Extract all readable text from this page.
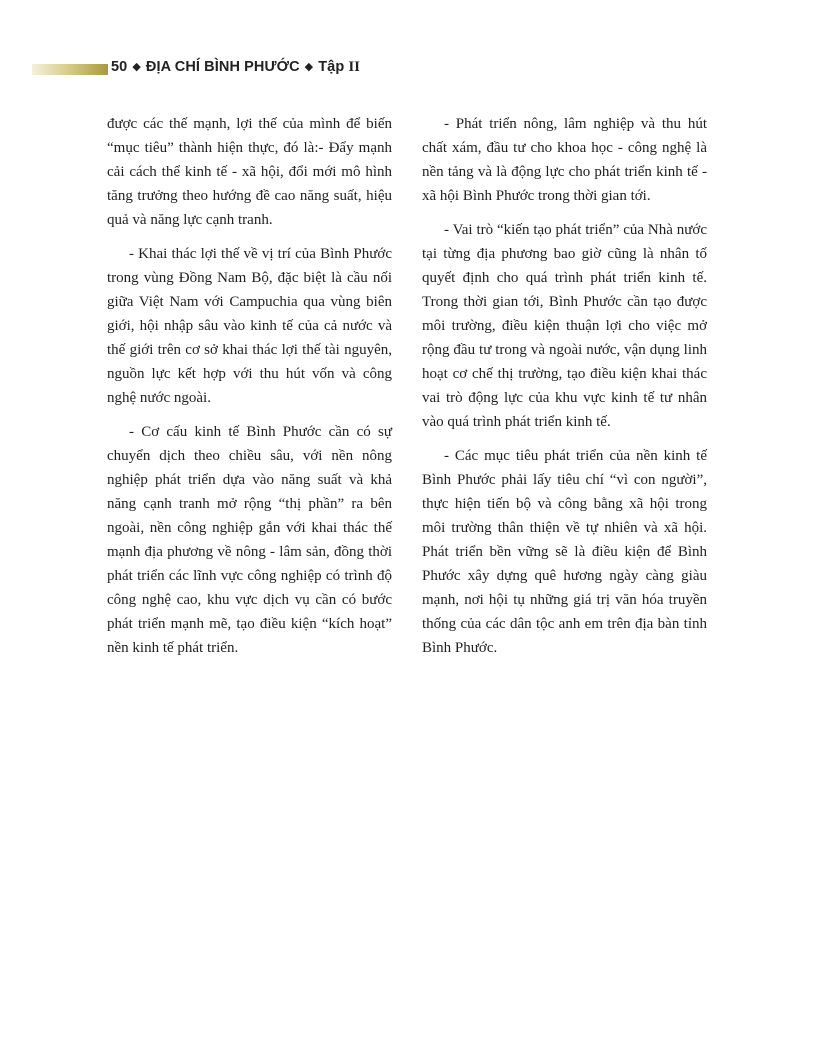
50 ◆ ĐỊA CHÍ BÌNH PHƯỚC ◆ Tập II

được các thế mạnh, lợi thế của mình để biến “mục tiêu” thành hiện thực, đó là:- Đẩy mạnh cải cách thể kinh tế - xã hội, đổi mới mô hình tăng trưởng theo hướng đề cao năng suất, hiệu quả và năng lực cạnh tranh.

- Khai thác lợi thế về vị trí của Bình Phước trong vùng Đồng Nam Bộ, đặc biệt là cầu nối giữa Việt Nam với Campuchia qua vùng biên giới, hội nhập sâu vào kinh tế của cả nước và thế giới trên cơ sở khai thác lợi thế tài nguyên, nguồn lực kết hợp với thu hút vốn và công nghệ nước ngoài.

- Cơ cấu kinh tế Bình Phước cần có sự chuyển dịch theo chiều sâu, với nền nông nghiệp phát triển dựa vào năng suất và khả năng cạnh tranh mở rộng “thị phần” ra bên ngoài, nền công nghiệp gắn với khai thác thế mạnh địa phương về nông - lâm sản, đồng thời phát triển các lĩnh vực công nghiệp có trình độ công nghệ cao, khu vực dịch vụ cần có bước phát triển mạnh mẽ, tạo điều kiện “kích hoạt” nền kinh tế phát triển.

- Phát triển nông, lâm nghiệp và thu hút chất xám, đầu tư cho khoa học - công nghệ là nền tảng và là động lực cho phát triển kinh tế - xã hội Bình Phước trong thời gian tới.

- Vai trò “kiến tạo phát triển” của Nhà nước tại từng địa phương bao giờ cũng là nhân tố quyết định cho quá trình phát triển kinh tế. Trong thời gian tới, Bình Phước cần tạo được môi trường, điều kiện thuận lợi cho việc mở rộng đầu tư trong và ngoài nước, vận dụng linh hoạt cơ chế thị trường, tạo điều kiện khai thác vai trò động lực của khu vực kinh tế tư nhân vào quá trình phát triển kinh tế.

- Các mục tiêu phát triển của nền kinh tế Bình Phước phải lấy tiêu chí “vì con người”, thực hiện tiến bộ và công bằng xã hội trong môi trường thân thiện về tự nhiên và xã hội. Phát triển bền vững sẽ là điều kiện để Bình Phước xây dựng quê hương ngày càng giàu mạnh, nơi hội tụ những giá trị văn hóa truyền thống của các dân tộc anh em trên địa bàn tỉnh Bình Phước.
